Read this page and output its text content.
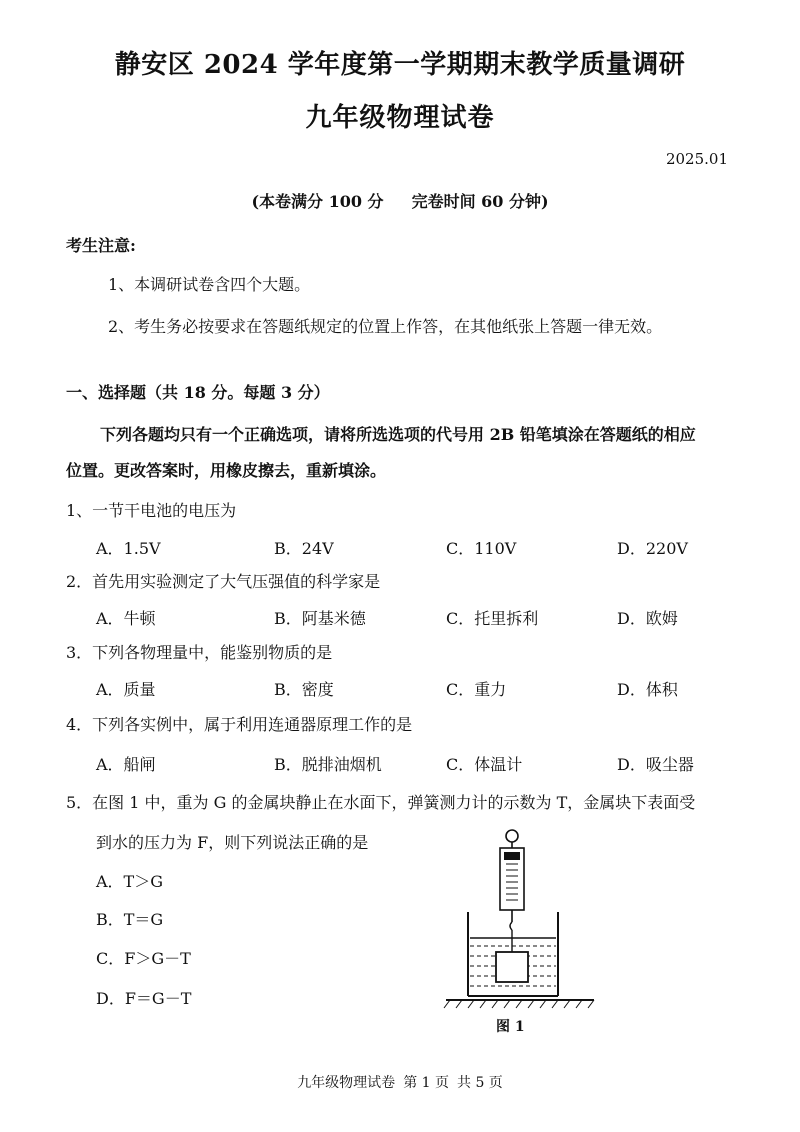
静安区 2024 学年度第一学期期末教学质量调研
九年级物理试卷
2025.01
(本卷满分 100 分 完卷时间 60 分钟)
考生注意:
1、本调研试卷含四个大题。
2、考生务必按要求在答题纸规定的位置上作答，在其他纸张上答题一律无效。
一、选择题（共 18 分。每题 3 分）
下列各题均只有一个正确选项，请将所选选项的代号用 2B 铅笔填涂在答题纸的相应
位置。更改答案时，用橡皮擦去，重新填涂。
1、一节干电池的电压为
A．1.5V	B．24V	C．110V	D．220V
2．首先用实验测定了大气压强值的科学家是
A．牛顿	B．阿基米德	C．托里拆利	D．欧姆
3．下列各物理量中，能鉴别物质的是
A．质量	B．密度	C．重力	D．体积
4．下列各实例中，属于利用连通器原理工作的是
A．船闸	B．脱排油烟机	C．体温计	D．吸尘器
5．在图 1 中，重为 G 的金属块静止在水面下，弹簧测力计的示数为 T，金属块下表面受
到水的压力为 F，则下列说法正确的是
A．T＞G
B．T＝G
C．F＞G－T
D．F＝G－T
图 1
九年级物理试卷 第 1 页 共 5 页
